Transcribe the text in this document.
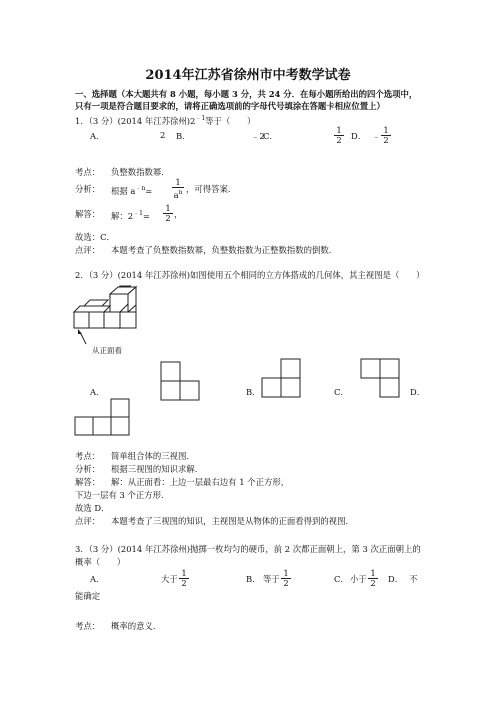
2014年江苏省徐州市中考数学试卷
一、选择题（本大题共有 8 小题，每小题 3 分，共 24 分．在每小题所给出的四个选项中，
只有一项是符合题目要求的，请将正确选项前的字母代号填涂在答题卡相应位置上）
1．（3 分）(2014 年江苏徐州)$2^{﹣1}$等于（　　）
A．	2 B．	﹣2
C．
1
2 D． ﹣
1
2
考点： 负整数指数幂．
分析： 根据 $a^{﹣n}=$
1
$a^n$ ，可得答案．
解答： 解：$2^{﹣1}=$
1
2 ，
故选：C．
点评： 本题考查了负整数指数幂，负整数指数为正整数指数的倒数．
2．（3 分）(2014 年江苏徐州)如图使用五个相同的立方体搭成的几何体，其主视图是（　　）
从正面看
A．	B．	C．	D．
考点： 简单组合体的三视图．
分析： 根据三视图的知识求解．
解答： 解：从正面看：上边一层最右边有 1 个正方形，
下边一层有 3 个正方形．
故选 D．
点评： 本题考查了三视图的知识，主视图是从物体的正面看得到的视图．
3．（3 分）(2014 年江苏徐州)抛掷一枚均匀的硬币，前 2 次都正面朝上，第 3 次正面朝上的
概率（　　）
A．	大于
1
2	B． 等于
1
2	C． 小于
1
2 D． 不
能确定
考点： 概率的意义．
